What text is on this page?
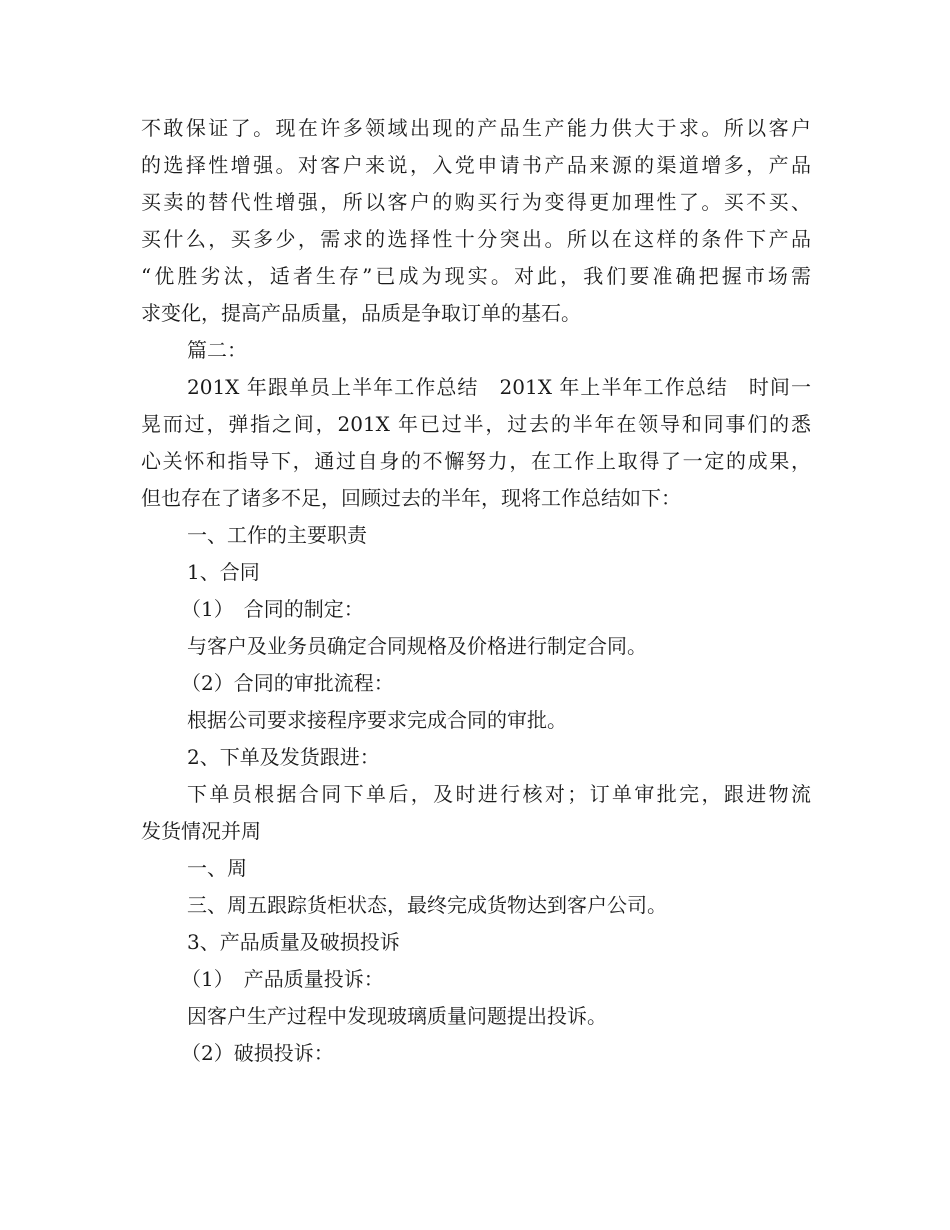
不敢保证了。现在许多领域出现的产品生产能力供大于求。所以客户
的选择性增强。对客户来说，入党申请书产品来源的渠道增多，产品
买卖的替代性增强，所以客户的购买行为变得更加理性了。买不买、
买什么，买多少，需求的选择性十分突出。所以在这样的条件下产品
“优胜劣汰，适者生存”已成为现实。对此，我们要准确把握市场需
求变化，提高产品质量，品质是争取订单的基石。
篇二：
201X 年跟单员上半年工作总结　201X 年上半年工作总结　时间一
晃而过，弹指之间，201X 年已过半，过去的半年在领导和同事们的悉
心关怀和指导下，通过自身的不懈努力，在工作上取得了一定的成果，
但也存在了诸多不足，回顾过去的半年，现将工作总结如下：
一、工作的主要职责
1、合同
（1）　合同的制定：
与客户及业务员确定合同规格及价格进行制定合同。
（2）合同的审批流程：
根据公司要求接程序要求完成合同的审批。
2、下单及发货跟进：
下单员根据合同下单后，及时进行核对；订单审批完，跟进物流
发货情况并周
一、周
三、周五跟踪货柜状态，最终完成货物达到客户公司。
3、产品质量及破损投诉
（1）　产品质量投诉：
因客户生产过程中发现玻璃质量问题提出投诉。
（2）破损投诉：
